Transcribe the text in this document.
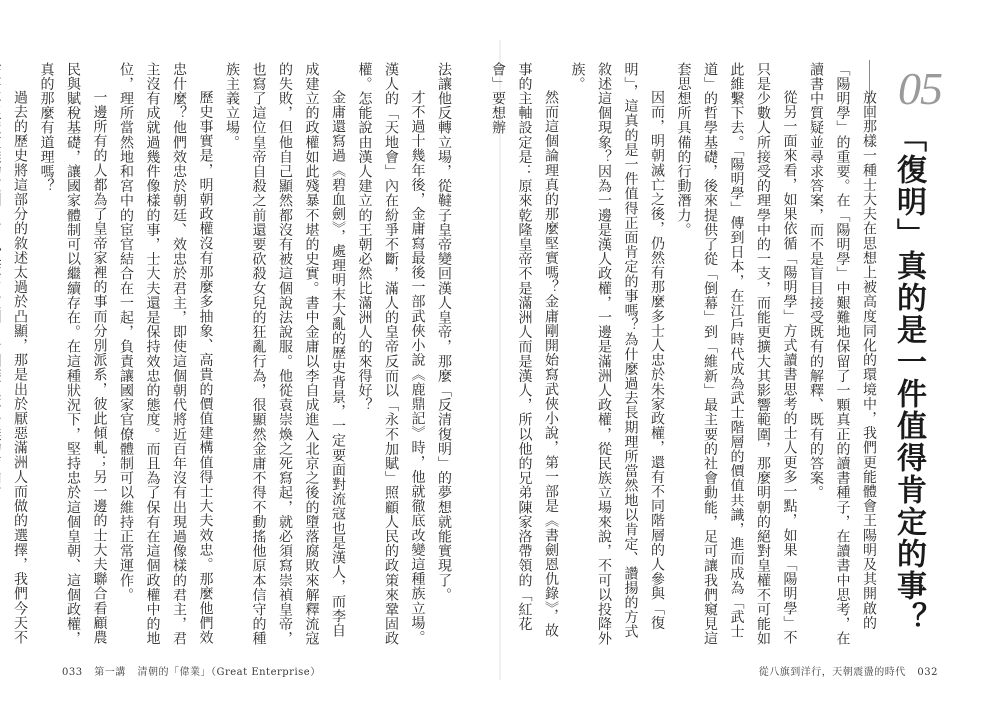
05
「復明」真的是一件值得肯定的事？

放回那樣一種士大夫在思想上被高度同化的環境中，我們更能體會王陽明及其開啟的「陽明學」的重要。在「陽明學」中艱難地保留了一顆真正的讀書種子，在讀書中思考，在讀書中質疑並尋求答案，而不是盲目接受既有的解釋、既有的答案。

從另一面來看，如果依循「陽明學」方式讀書思考的士人更多一點，如果「陽明學」不只是少數人所接受的理學中的一支，而能更擴大其影響範圍，那麼明朝的絕對皇權不可能如此維繫下去。「陽明學」傳到日本，在江戶時代成為武士階層的價值共識，進而成為「武士道」的哲學基礎，後來提供了從「倒幕」到「維新」最主要的社會動能，足可讓我們窺見這套思想所具備的行動潛力。

因而，明朝滅亡之後，仍然有那麼多士人忠於朱家政權，還有不同階層的人參與「復明」，這真的是一件值得正面肯定的事嗎？為什麼過去長期理所當然地以肯定、讚揚的方式敘述這個現象？因為一邊是漢人政權，一邊是滿洲人政權，從民族立場來說，不可以投降外族。

然而這個論理真的那麼堅實嗎？金庸剛開始寫武俠小說，第一部是《書劍恩仇錄》，故事的主軸設定是：原來乾隆皇帝不是滿洲人而是漢人，所以他的兄弟陳家洛帶領的「紅花會」要想辦

從八旗到洋行，天朝震盪的時代 032

法讓他反轉立場，從韃子皇帝變回漢人皇帝，那麼「反清復明」的夢想就能實現了。

才不過十幾年後，金庸寫最後一部武俠小說《鹿鼎記》時，他就徹底改變這種族立場。漢人的「天地會」內在紛爭不斷，滿人的皇帝反而以「永不加賦」照顧人民的政策來鞏固政權。怎能說由漢人建立的王朝必然比滿洲人的來得好？

金庸還寫過《碧血劍》，處理明末大亂的歷史背景，一定要面對流寇也是漢人，而李自成建立的政權如此殘暴不堪的史實。書中金庸以李自成進入北京之後的墮落腐敗來解釋流寇的失敗，但他自己顯然都沒有被這個說法說服。他從袁崇煥之死寫起，就必須寫崇禎皇帝，也寫了這位皇帝自殺之前還要砍殺女兒的狂亂行為，很顯然金庸不得不動搖他原本信守的種族主義立場。

歷史事實是，明朝政權沒有那麼多抽象、高貴的價值建構值得士大夫效忠。那麼他們效忠什麼？他們效忠於朝廷、效忠於君主，即使這個朝代將近百年沒有出現過像樣的君主，君主沒有成就過幾件像樣的事，士大夫還是保持效忠的態度。而且為了保有在這個政權中的地位，理所當然地和宮中的宦官結合在一起，負責讓國家官僚體制可以維持正常運作。

一邊所有的人都為了皇帝家裡的事而分別派系，彼此傾軋；另一邊的士大夫聯合看顧農民與賦稅基礎，讓國家體制可以繼續存在。在這種狀況下，堅持忠於這個皇朝、這個政權，真的那麼有道理嗎？

過去的歷史將這部分的敘述太過於凸顯，那是出於厭惡滿洲人而做的選擇，我們今天不

033 第一講 清朝的「偉業」（Great Enterprise）
